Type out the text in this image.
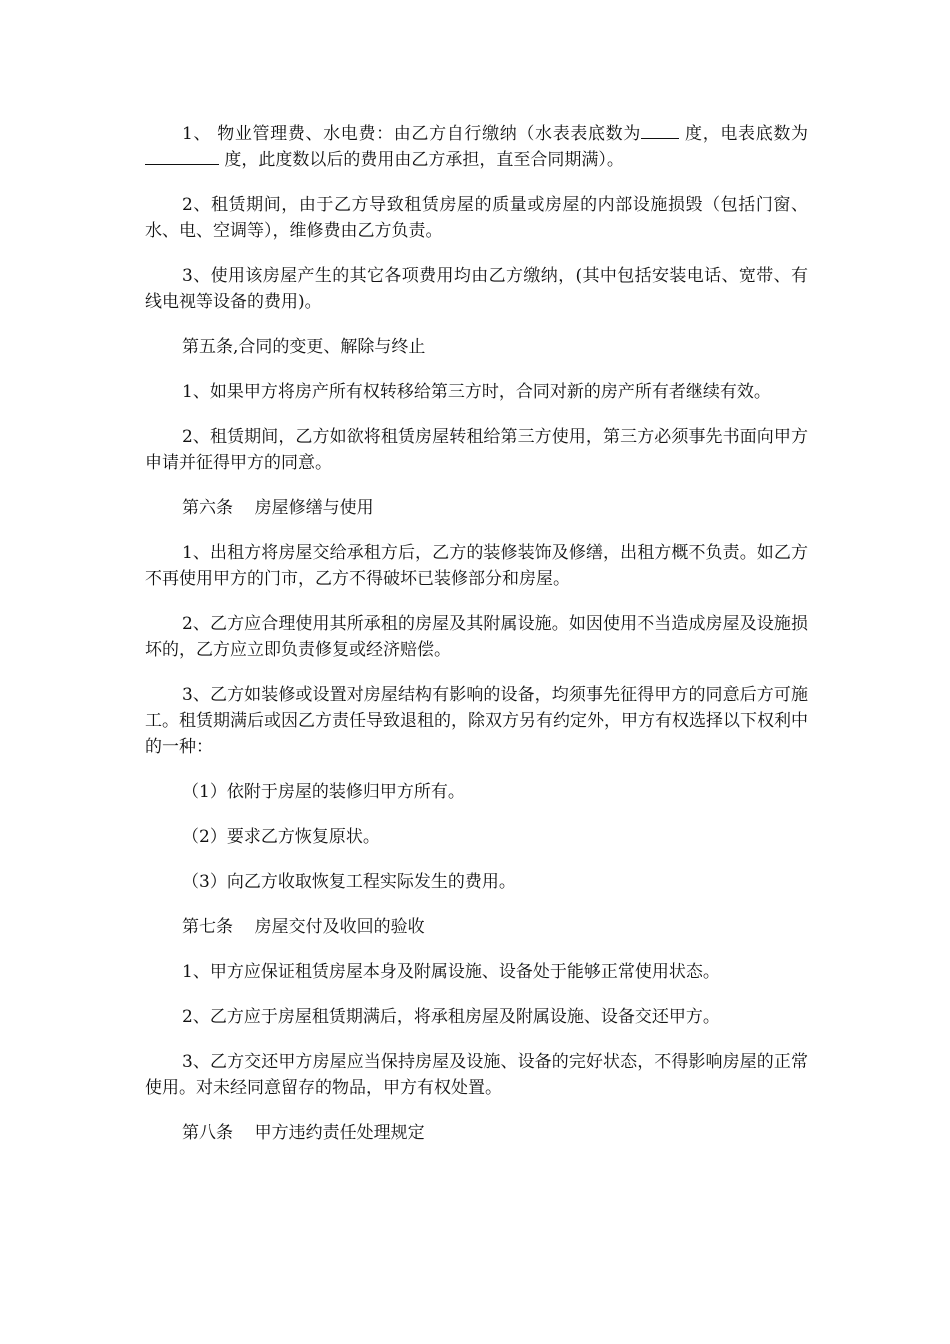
1、 物业管理费、水电费：由乙方自行缴纳（水表表底数为 度，电表底数为 度，此度数以后的费用由乙方承担，直至合同期满）。

2、租赁期间，由于乙方导致租赁房屋的质量或房屋的内部设施损毁（包括门窗、水、电、空调等），维修费由乙方负责。

3、使用该房屋产生的其它各项费用均由乙方缴纳，(其中包括安装电话、宽带、有线电视等设备的费用)。

第五条,合同的变更、解除与终止

1、如果甲方将房产所有权转移给第三方时，合同对新的房产所有者继续有效。

2、租赁期间，乙方如欲将租赁房屋转租给第三方使用，第三方必须事先书面向甲方申请并征得甲方的同意。

第六条    房屋修缮与使用

1、出租方将房屋交给承租方后，乙方的装修装饰及修缮，出租方概不负责。如乙方不再使用甲方的门市，乙方不得破坏已装修部分和房屋。

2、乙方应合理使用其所承租的房屋及其附属设施。如因使用不当造成房屋及设施损坏的，乙方应立即负责修复或经济赔偿。

3、乙方如装修或设置对房屋结构有影响的设备，均须事先征得甲方的同意后方可施工。租赁期满后或因乙方责任导致退租的，除双方另有约定外，甲方有权选择以下权利中的一种：

（1）依附于房屋的装修归甲方所有。

（2）要求乙方恢复原状。

（3）向乙方收取恢复工程实际发生的费用。

第七条    房屋交付及收回的验收

1、甲方应保证租赁房屋本身及附属设施、设备处于能够正常使用状态。

2、乙方应于房屋租赁期满后，将承租房屋及附属设施、设备交还甲方。

3、乙方交还甲方房屋应当保持房屋及设施、设备的完好状态，不得影响房屋的正常使用。对未经同意留存的物品，甲方有权处置。

第八条    甲方违约责任处理规定
